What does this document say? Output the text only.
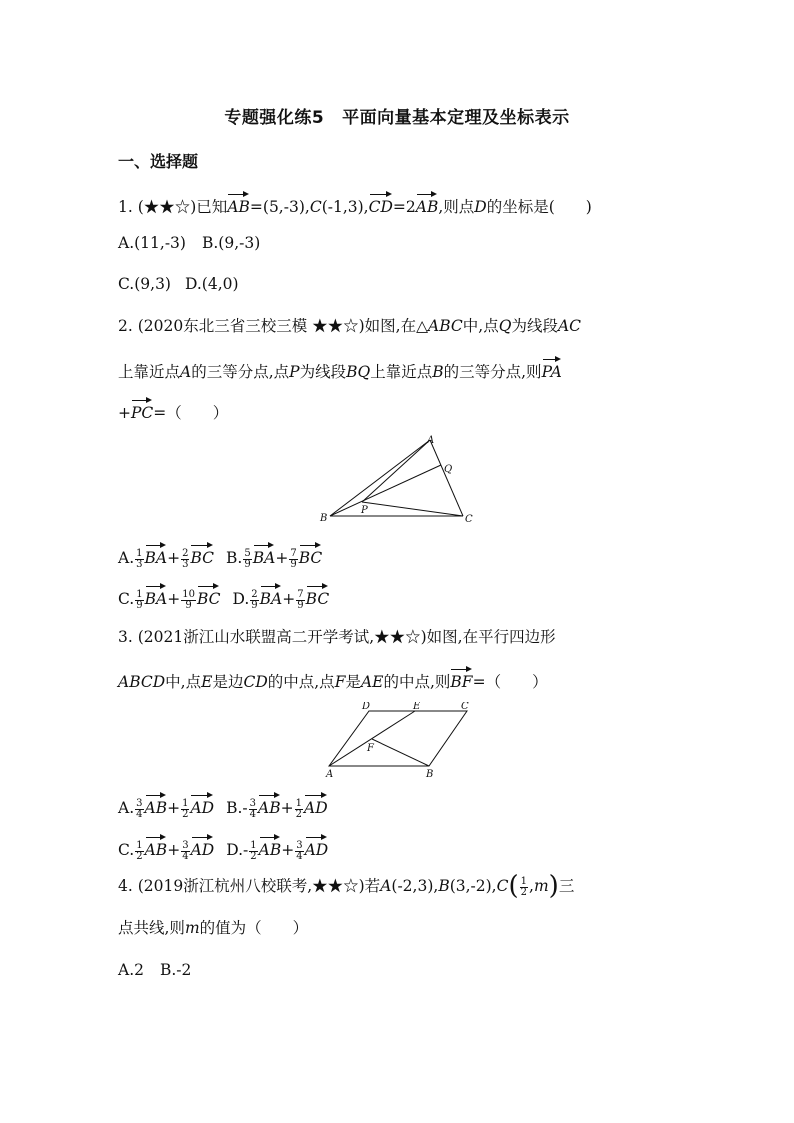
专题强化练5 平面向量基本定理及坐标表示
一、选择题
1. (★★☆)已知AB=(5,-3),C(-1,3),CD=2AB,则点D的坐标是(　　)
A.(11,-3) B.(9,-3)
C.(9,3) D.(4,0)
2. (2020东北三省三校三模 ★★☆)如图,在△ABC中,点Q为线段AC
上靠近点A的三等分点,点P为线段BQ上靠近点B的三等分点,则PA
+PC=（　　）
A
B	C
P
Q
A. $\frac{1}{3} BA+ \frac{2}{3}$ BC B. $\frac{5}{9} BA+ \frac{7}{9}$ BC
C. $\frac{1}{9} BA+ \frac{10}{9}$ BC D. $\frac{2}{9} BA+ \frac{7}{9}$ BC
3. (2021浙江山水联盟高二开学考试,★★☆)如图,在平行四边形
ABCD中,点E是边CD的中点,点F是AE的中点,则BF=（　　）
A	B
C
D	E
F
A. $\frac{3}{4} AB+ \frac{1}{2}$ AD $B.- \frac{3}{4} AB+ \frac{1}{2}$ AD
C. $\frac{1}{2} AB+ \frac{3}{4}$ AD $D.- \frac{1}{2} AB+ \frac{3}{4}$ AD
4. (2019浙江杭州八校联考,★★☆)若$A(-2,3),B(3,-2),C( \frac{1}{2} ,m)$三
点共线,则m的值为（　　）
A.2 B.-2
